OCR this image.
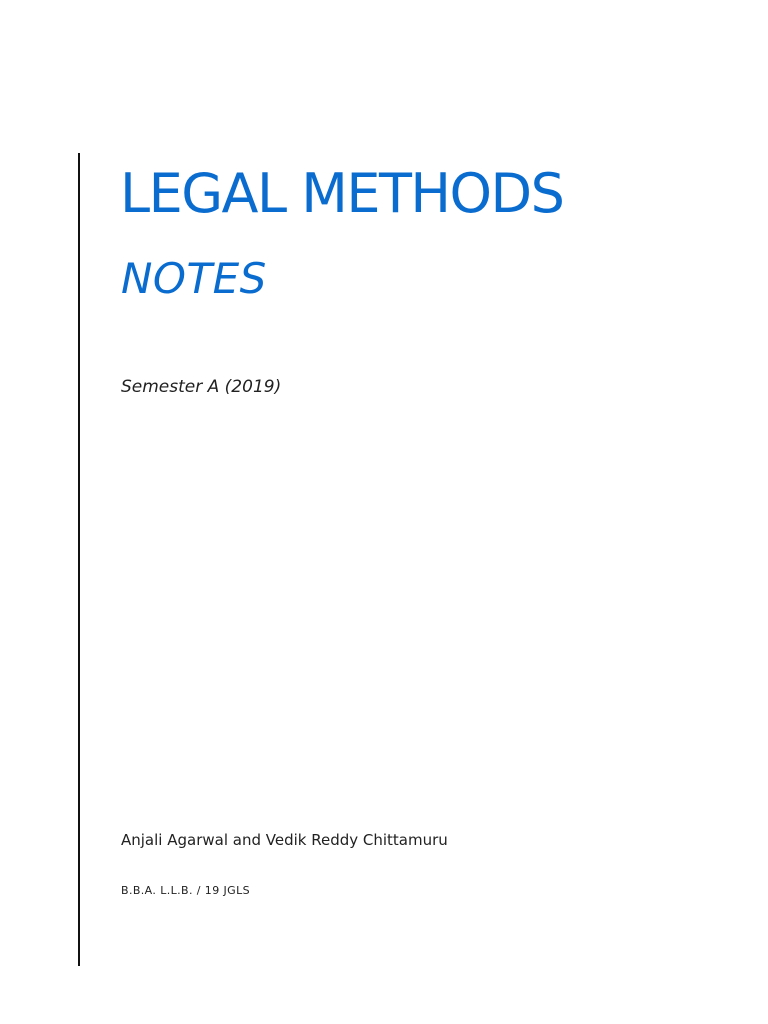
LEGAL METHODS
NOTES

Semester A (2019)

Anjali Agarwal and Vedik Reddy Chittamuru

B.B.A. L.L.B. / 19 JGLS
